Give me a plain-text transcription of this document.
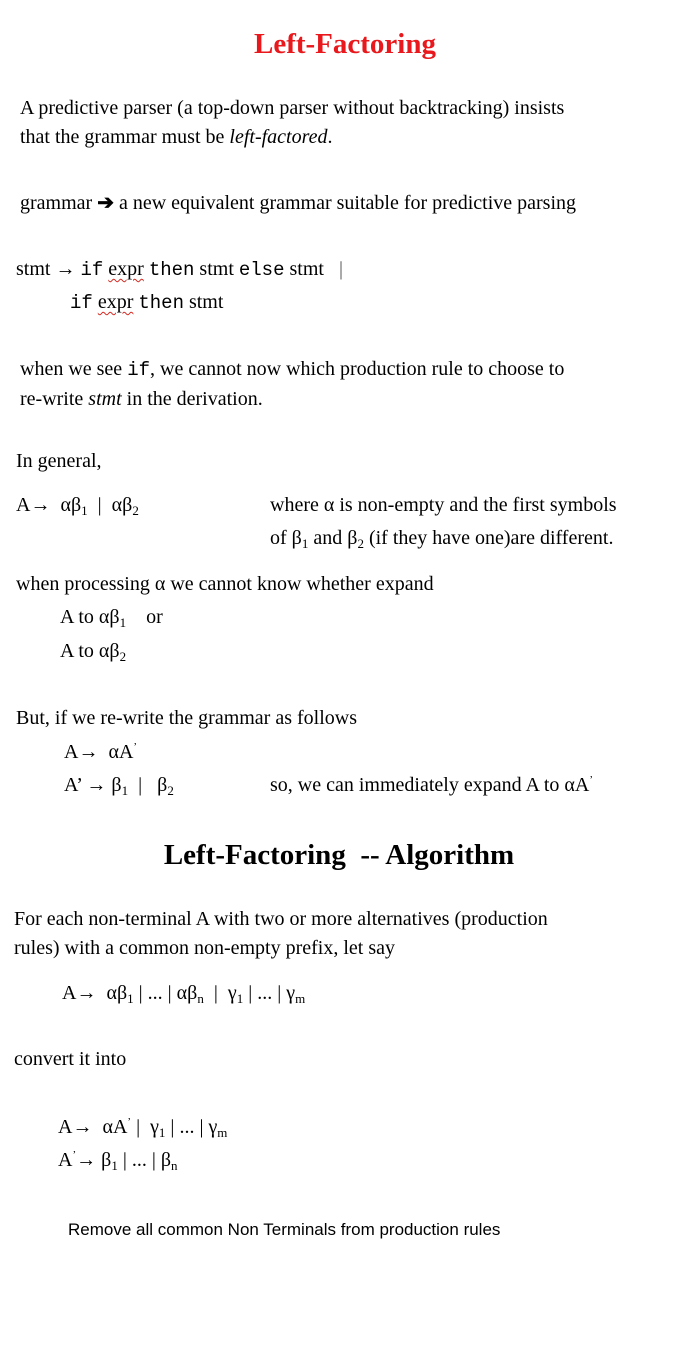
Left-Factoring
A predictive parser (a top-down parser without backtracking) insists
that the grammar must be left-factored.
grammar ➔ a new equivalent grammar suitable for predictive parsing
stmt → if expr then stmt else stmt |
if expr then stmt
when we see if, we cannot now which production rule to choose to
re-write stmt in the derivation.
In general,
$A\to \alpha\beta_1$ | $\alpha\beta_2$	where α is non-empty and the first symbols
of $\beta_1$ and $\beta_2$ (if they have one)are different.
when processing α we cannot know whether expand
A to $\alpha\beta_1$ or
A to $\alpha\beta_2$
But, if we re-write the grammar as follows
A→ αA’
A’ → $\beta_1$ | $\beta_2$	so, we can immediately expand A to αA’
Left-Factoring  -- Algorithm
For each non-terminal A with two or more alternatives (production
rules) with a common non-empty prefix, let say
$A\to \alpha\beta_1$ | ... | $\alpha\beta_n$ | $\gamma_1$ | ... | $\gamma_m$
convert it into
A→ αA’ | $\gamma_1$ | ... | $\gamma_m$
$A^’\to \beta_1$ | ... | $\beta_n$
Remove all common Non Terminals from production rules
